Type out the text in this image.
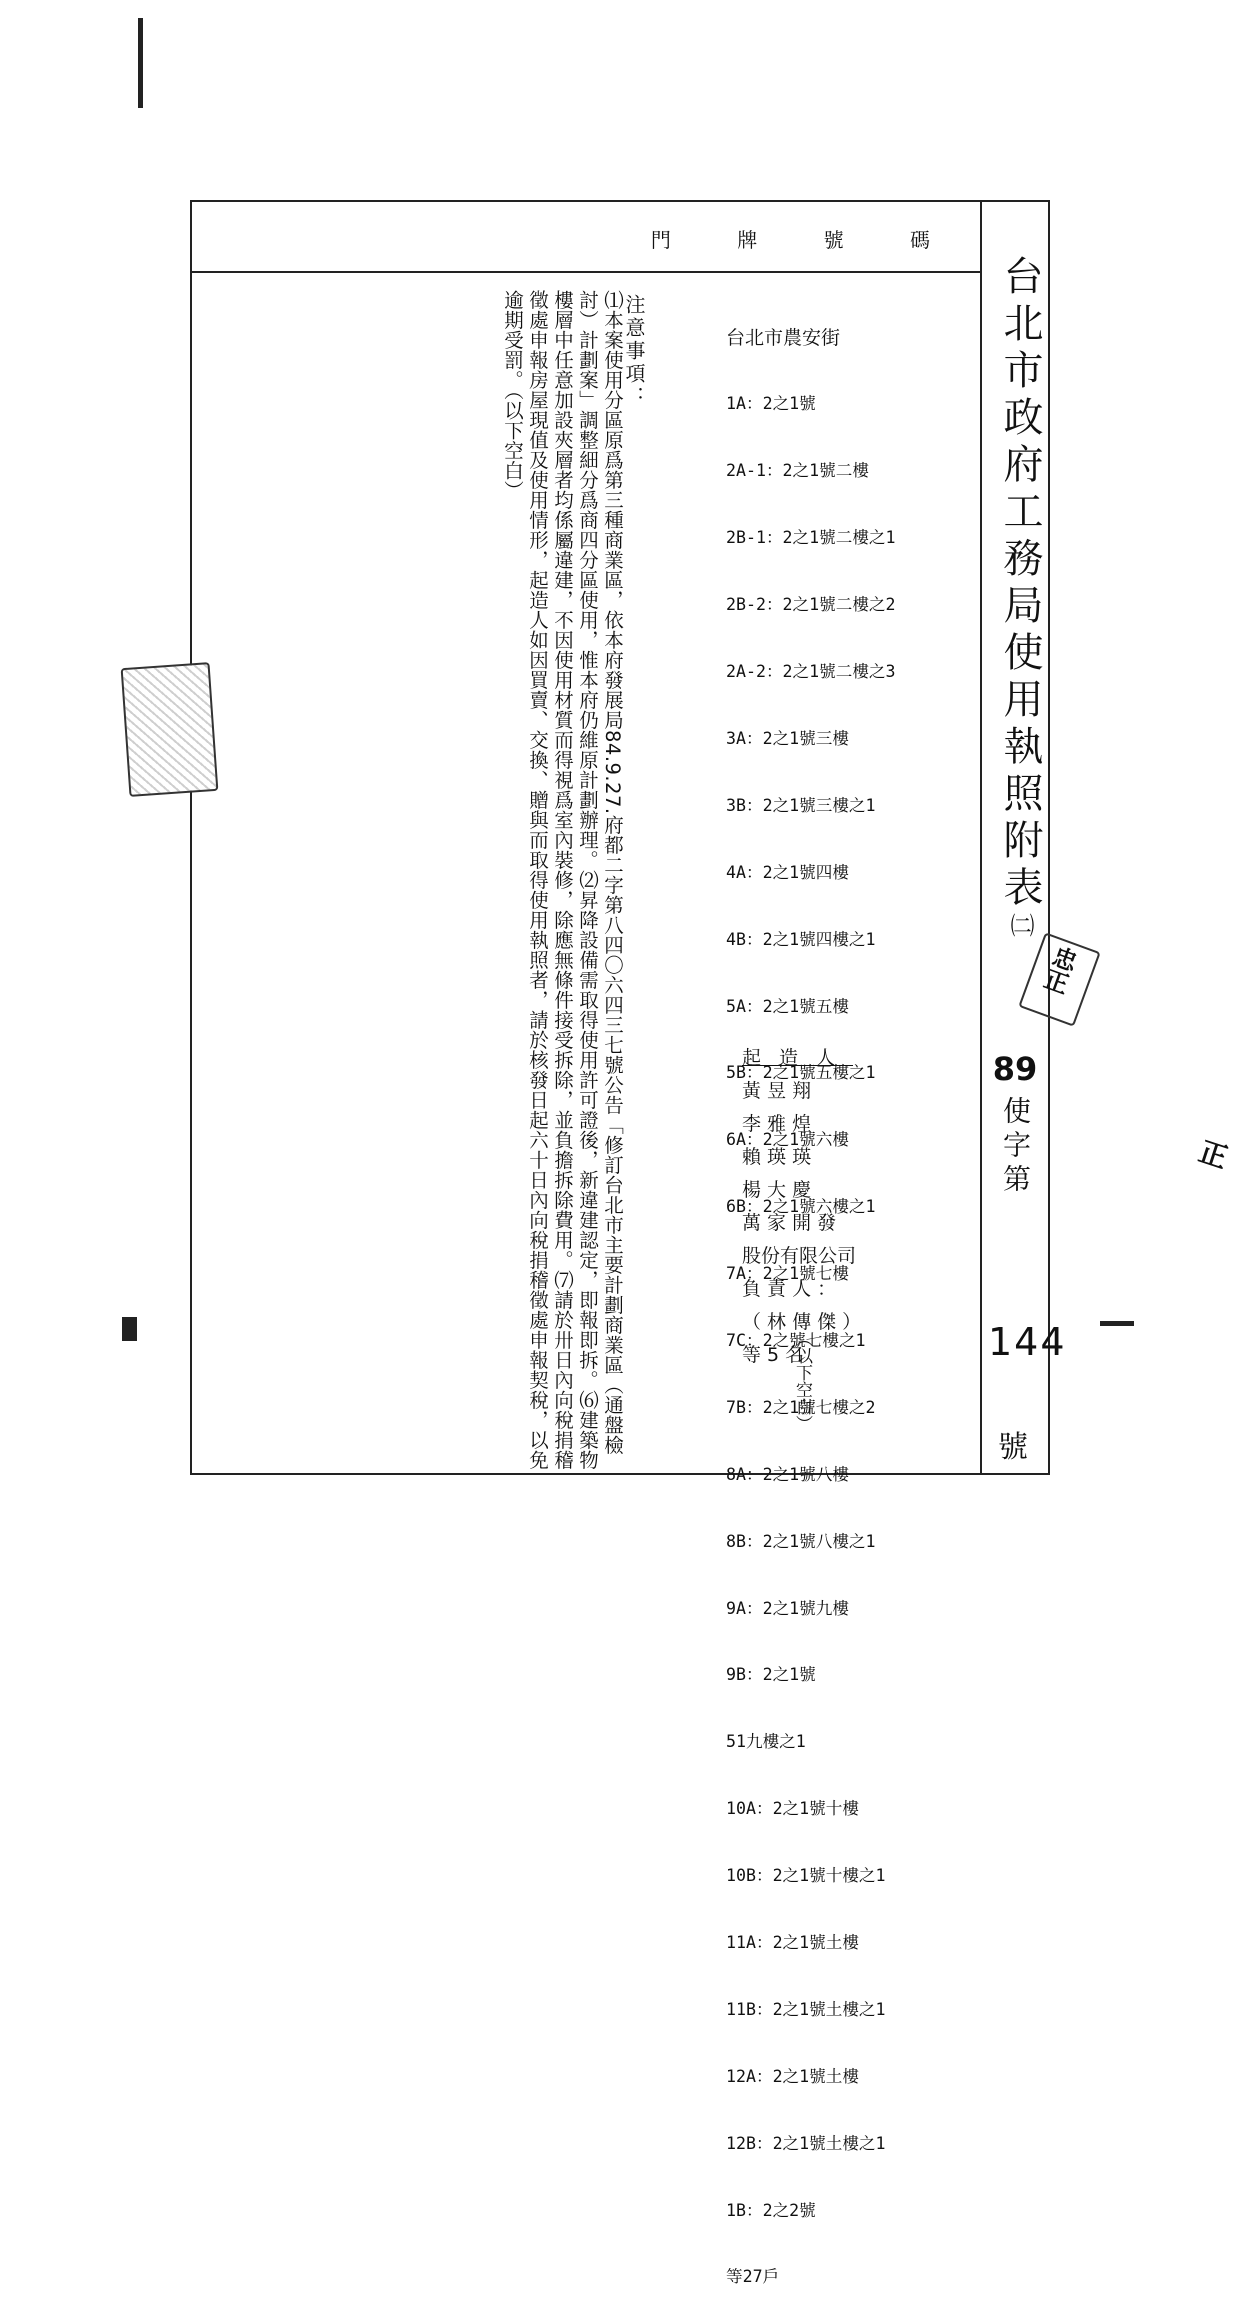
門 牌 號 碼
台北市政府工務局使用執照附表㈡
89
使字第
144
號

台北市農安街

1A：2之1號

2A-1：2之1號二樓

2B-1：2之1號二樓之1

2B-2：2之1號二樓之2

2A-2：2之1號二樓之3

3A：2之1號三樓

3B：2之1號三樓之1

4A：2之1號四樓

4B：2之1號四樓之1

5A：2之1號五樓

5B：2之1號五樓之1

6A：2之1號六樓

6B：2之1號六樓之1

7A：2之1號七樓

7C：2之號七樓之1

7B：2之1號七樓之2

8A：2之1號八樓

8B：2之1號八樓之1

9A：2之1號九樓

9B：2之1號

51九樓之1

10A：2之1號十樓

10B：2之1號十樓之1

11A：2之1號土樓

11B：2之1號土樓之1

12A：2之1號土樓

12B：2之1號土樓之1

1B：2之2號

等27戶

起造人
黃 昱 翔
李 雅 煌
賴 瑛 瑛
楊 大 慶
萬 家 開 發
股份有限公司
負 責 人 ：
（ 林 傳 傑 ）
等 5 名
（以下空白）
注意事項：
⑴本案使用分區原爲第三種商業區，依本府發展局84.9.27.府都二字第八四〇六四三七號公告「修訂台北市主要計劃商業區（通盤檢討）計劃案」調整細分爲商四分區使用，惟本府仍維原計劃辦理。⑵昇降設備需取得使用許可證後，新違建認定，即報即拆。⑹建築物樓層中任意加設夾層者均係屬違建，不因使用材質而得視爲室內裝修，除應無條件接受拆除，並負擔拆除費用。⑺請於卅日內向稅捐稽徵處申報房屋現值及使用情形，起造人如因買賣、交換、贈與而取得使用執照者，請於核發日起六十日內向稅捐稽徵處申報契稅，以免逾期受罰。（以下空白）
忠正
正
